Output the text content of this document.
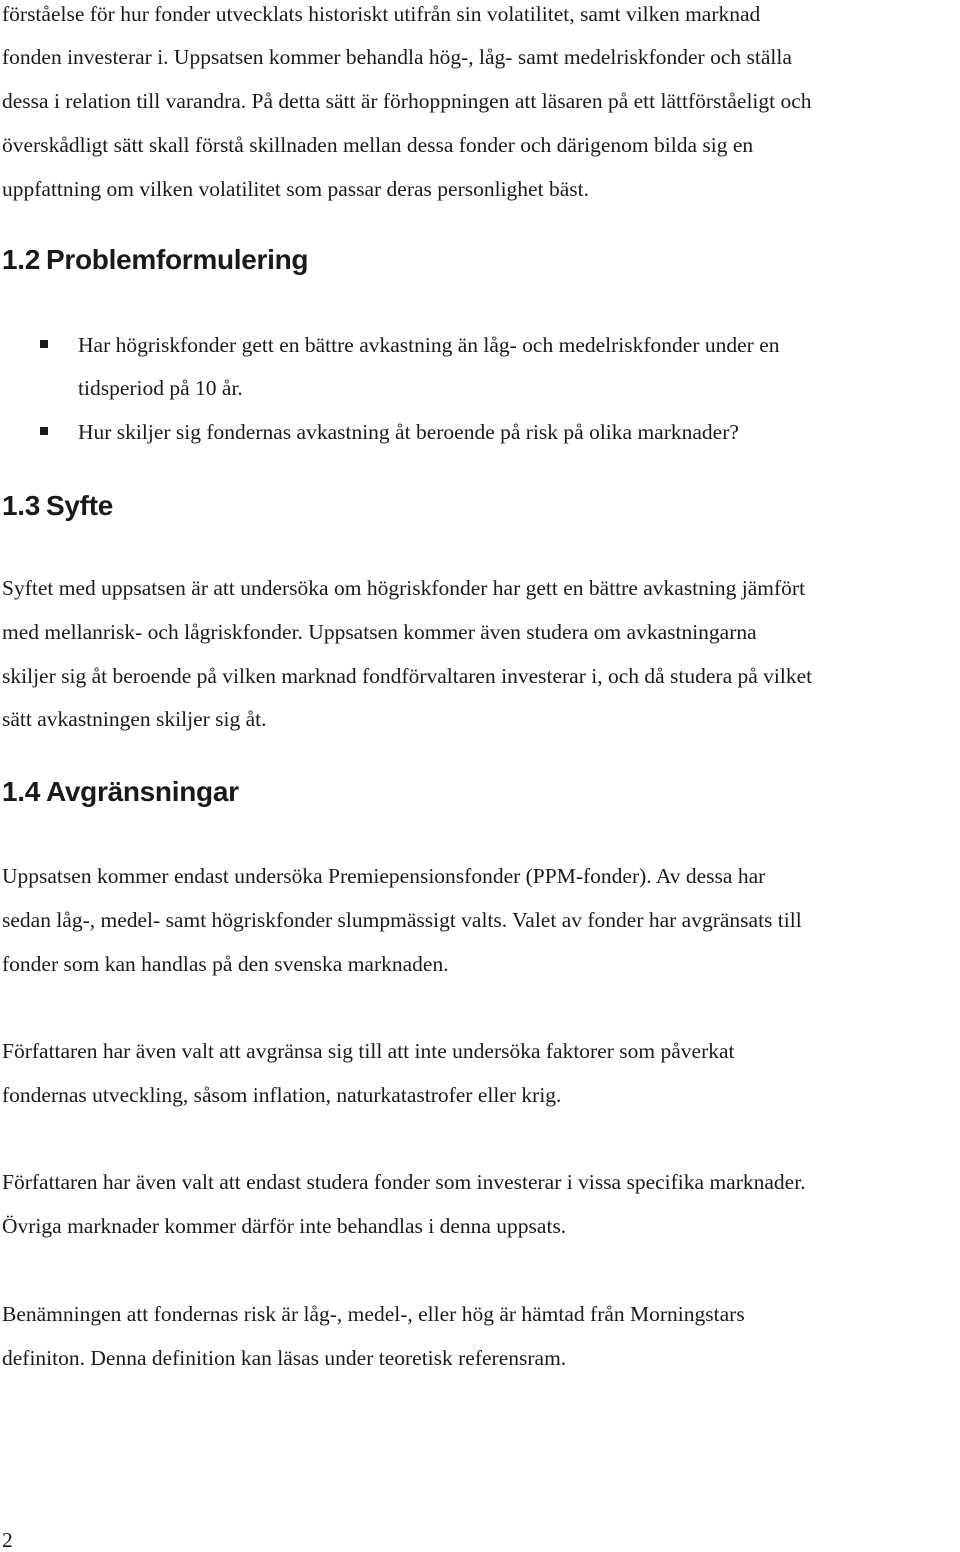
förståelse för hur fonder utvecklats historiskt utifrån sin volatilitet, samt vilken marknad
fonden investerar i. Uppsatsen kommer behandla hög-, låg- samt medelriskfonder och ställa
dessa i relation till varandra. På detta sätt är förhoppningen att läsaren på ett lättförståeligt och
överskådligt sätt skall förstå skillnaden mellan dessa fonder och därigenom bilda sig en
uppfattning om vilken volatilitet som passar deras personlighet bäst.
1.2 Problemformulering
Har högriskfonder gett en bättre avkastning än låg- och medelriskfonder under en
tidsperiod på 10 år.
Hur skiljer sig fondernas avkastning åt beroende på risk på olika marknader?
1.3 Syfte
Syftet med uppsatsen är att undersöka om högriskfonder har gett en bättre avkastning jämfört
med mellanrisk- och lågriskfonder. Uppsatsen kommer även studera om avkastningarna
skiljer sig åt beroende på vilken marknad fondförvaltaren investerar i, och då studera på vilket
sätt avkastningen skiljer sig åt.
1.4 Avgränsningar
Uppsatsen kommer endast undersöka Premiepensionsfonder (PPM-fonder). Av dessa har
sedan låg-, medel- samt högriskfonder slumpmässigt valts. Valet av fonder har avgränsats till
fonder som kan handlas på den svenska marknaden.
Författaren har även valt att avgränsa sig till att inte undersöka faktorer som påverkat
fondernas utveckling, såsom inflation, naturkatastrofer eller krig.
Författaren har även valt att endast studera fonder som investerar i vissa specifika marknader.
Övriga marknader kommer därför inte behandlas i denna uppsats.
Benämningen att fondernas risk är låg-, medel-, eller hög är hämtad från Morningstars
definiton. Denna definition kan läsas under teoretisk referensram.
2
